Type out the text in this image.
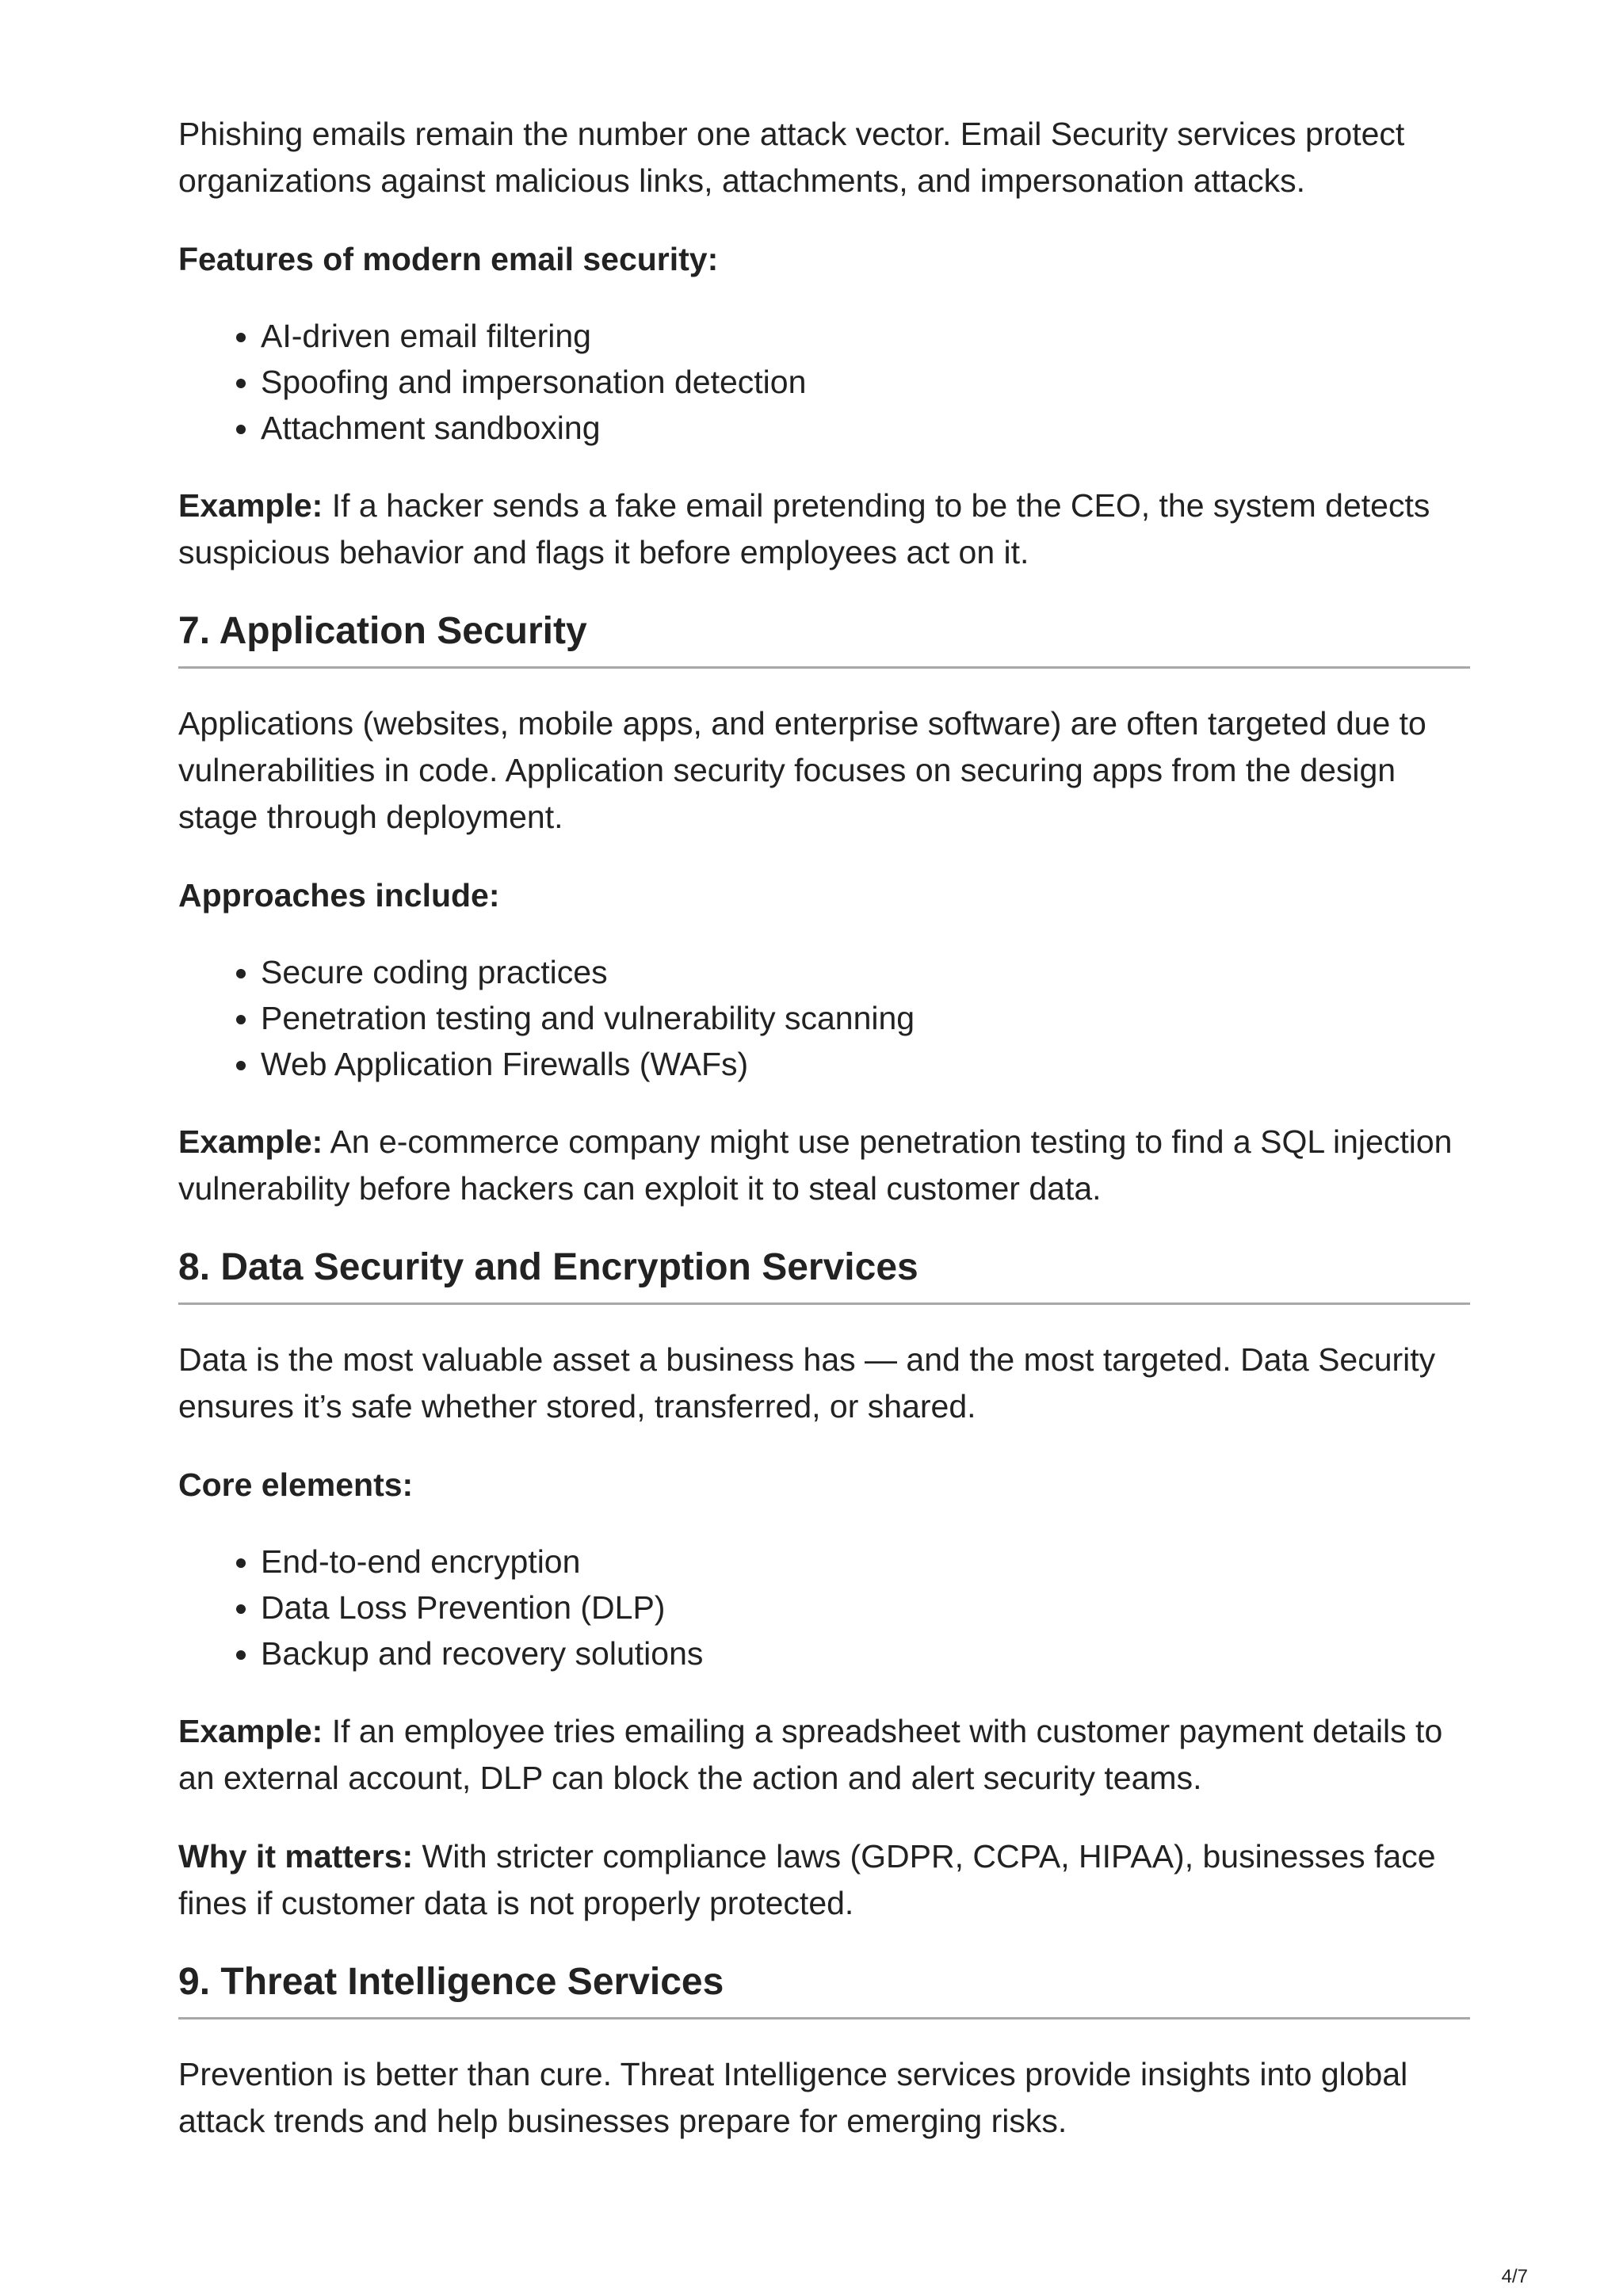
Phishing emails remain the number one attack vector. Email Security services protect organizations against malicious links, attachments, and impersonation attacks.

Features of modern email security:

• AI-driven email filtering
• Spoofing and impersonation detection
• Attachment sandboxing

Example: If a hacker sends a fake email pretending to be the CEO, the system detects suspicious behavior and flags it before employees act on it.

7. Application Security

Applications (websites, mobile apps, and enterprise software) are often targeted due to vulnerabilities in code. Application security focuses on securing apps from the design stage through deployment.

Approaches include:

• Secure coding practices
• Penetration testing and vulnerability scanning
• Web Application Firewalls (WAFs)

Example: An e-commerce company might use penetration testing to find a SQL injection vulnerability before hackers can exploit it to steal customer data.

8. Data Security and Encryption Services

Data is the most valuable asset a business has — and the most targeted. Data Security ensures it’s safe whether stored, transferred, or shared.

Core elements:

• End-to-end encryption
• Data Loss Prevention (DLP)
• Backup and recovery solutions

Example: If an employee tries emailing a spreadsheet with customer payment details to an external account, DLP can block the action and alert security teams.

Why it matters: With stricter compliance laws (GDPR, CCPA, HIPAA), businesses face fines if customer data is not properly protected.

9. Threat Intelligence Services

Prevention is better than cure. Threat Intelligence services provide insights into global attack trends and help businesses prepare for emerging risks.

4/7
